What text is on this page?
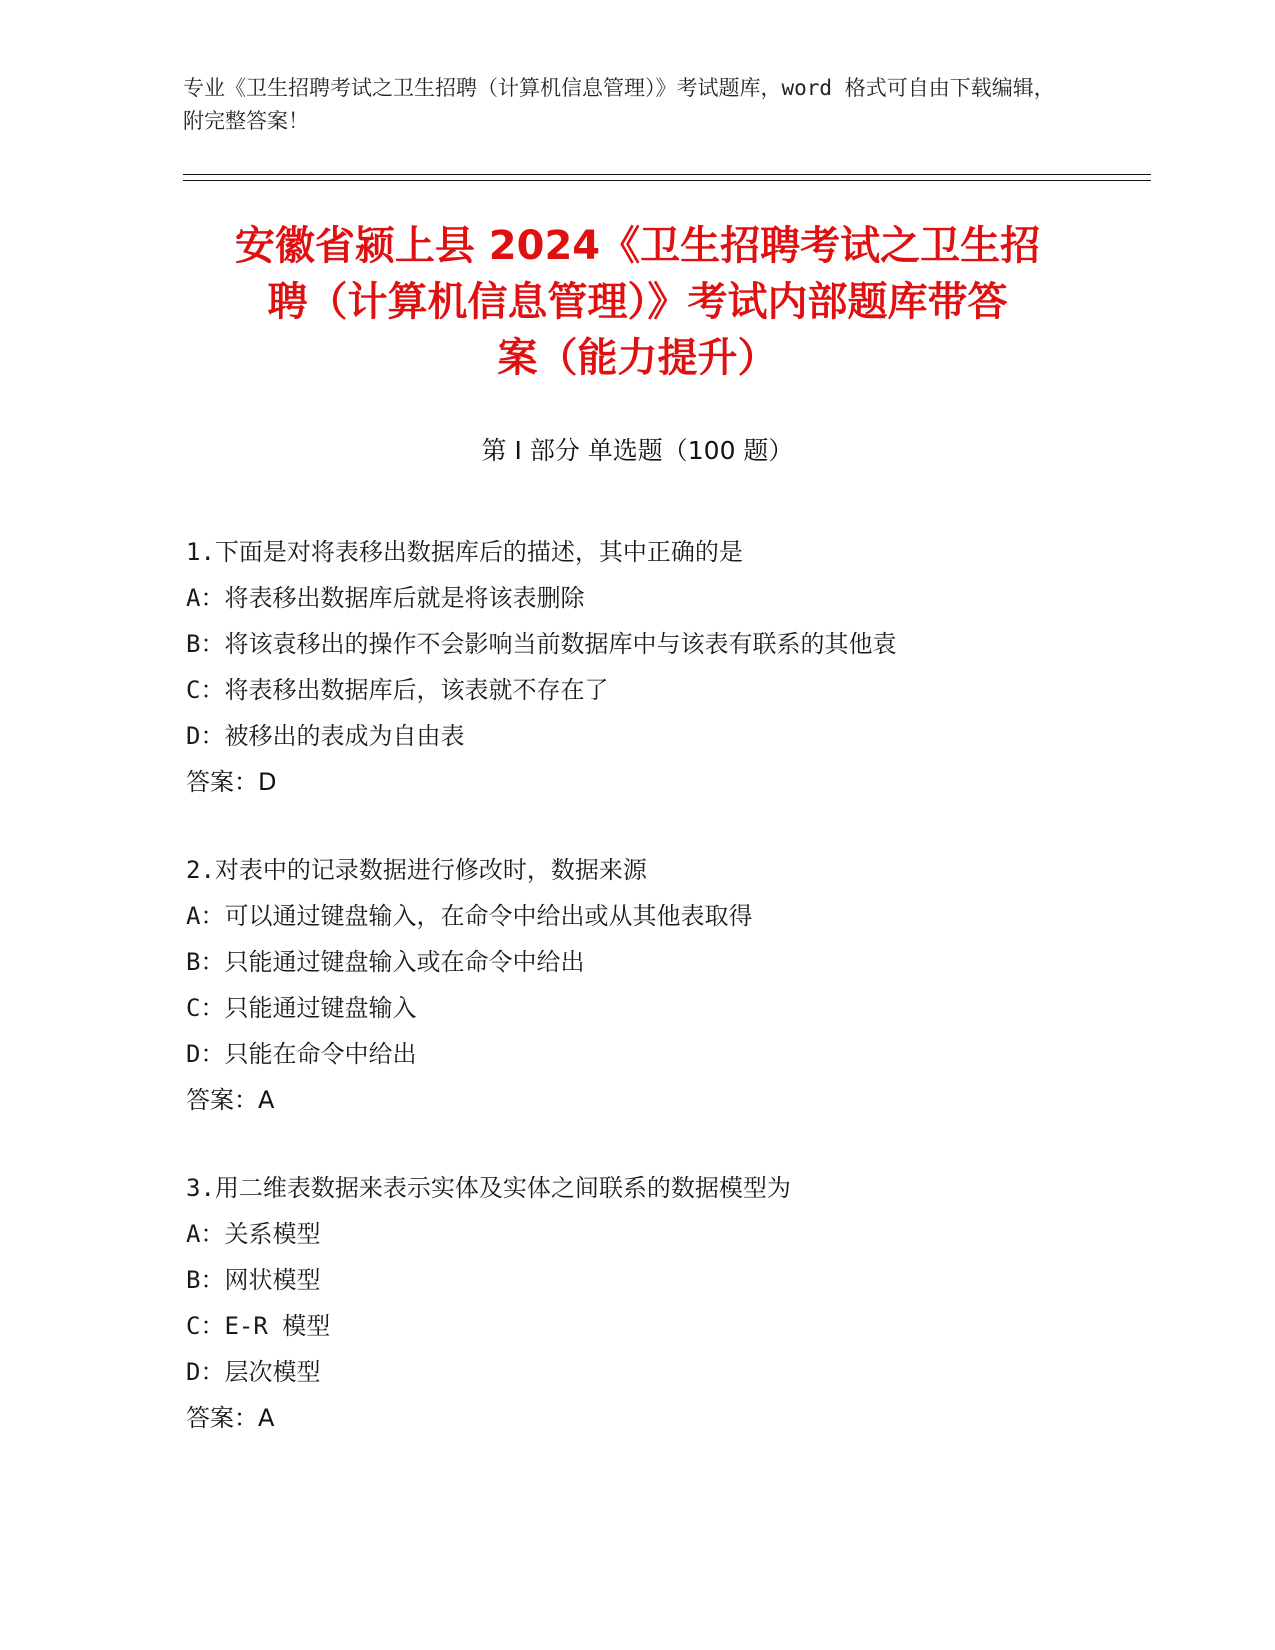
专业《卫生招聘考试之卫生招聘（计算机信息管理）》考试题库，word 格式可自由下载编辑，附完整答案！
安徽省颍上县 2024《卫生招聘考试之卫生招
聘（计算机信息管理）》考试内部题库带答
案（能力提升）
第 I 部分 单选题（100 题）
1.下面是对将表移出数据库后的描述，其中正确的是
A：将表移出数据库后就是将该表删除
B：将该袁移出的操作不会影响当前数据库中与该表有联系的其他袁
C：将表移出数据库后，该表就不存在了
D：被移出的表成为自由表
答案：D
2.对表中的记录数据进行修改时，数据来源
A：可以通过键盘输入，在命令中给出或从其他表取得
B：只能通过键盘输入或在命令中给出
C：只能通过键盘输入
D：只能在命令中给出
答案：A
3.用二维表数据来表示实体及实体之间联系的数据模型为
A：关系模型
B：网状模型
C：E-R 模型
D：层次模型
答案：A
